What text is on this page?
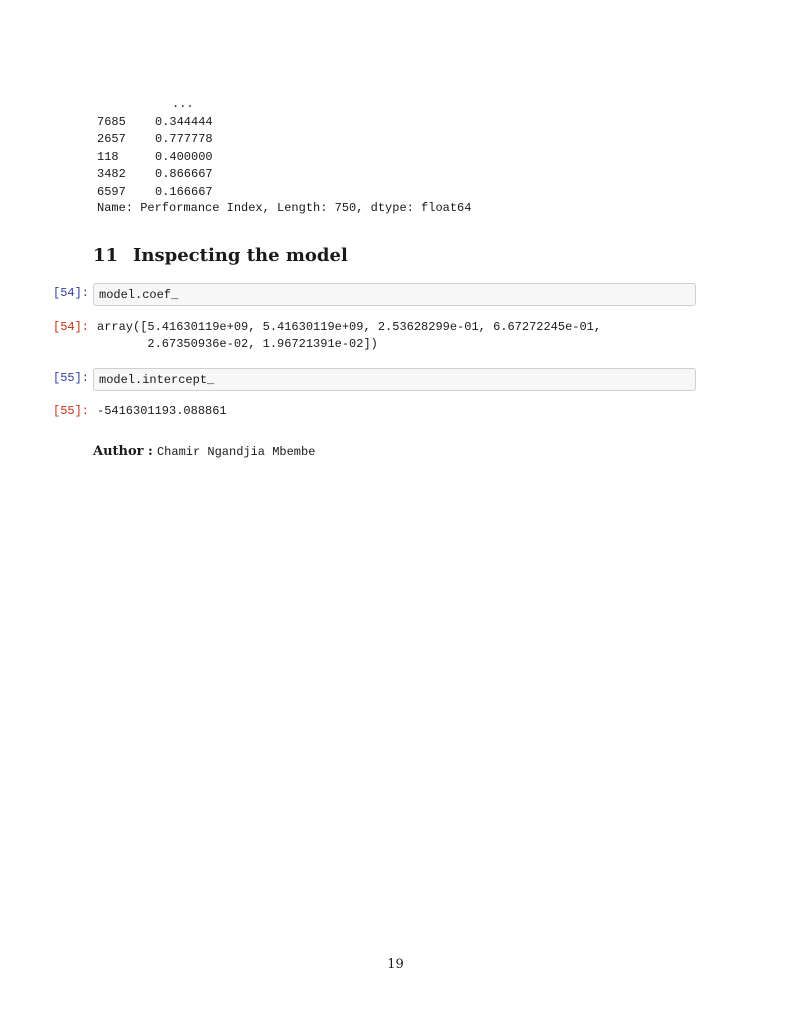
...
7685 0.344444
2657 0.777778
118	0.400000
3482 0.866667
6597 0.166667
Name: Performance Index, Length: 750, dtype: float64
11 Inspecting the model
[54]: model.coef_
[54]: array([5.41630119e+09, 5.41630119e+09, 2.53628299e-01, 6.67272245e-01,
2.67350936e-02, 1.96721391e-02])
[55]: model.intercept_
[55]: -5416301193.088861
Author : Chamir Ngandjia Mbembe
19
